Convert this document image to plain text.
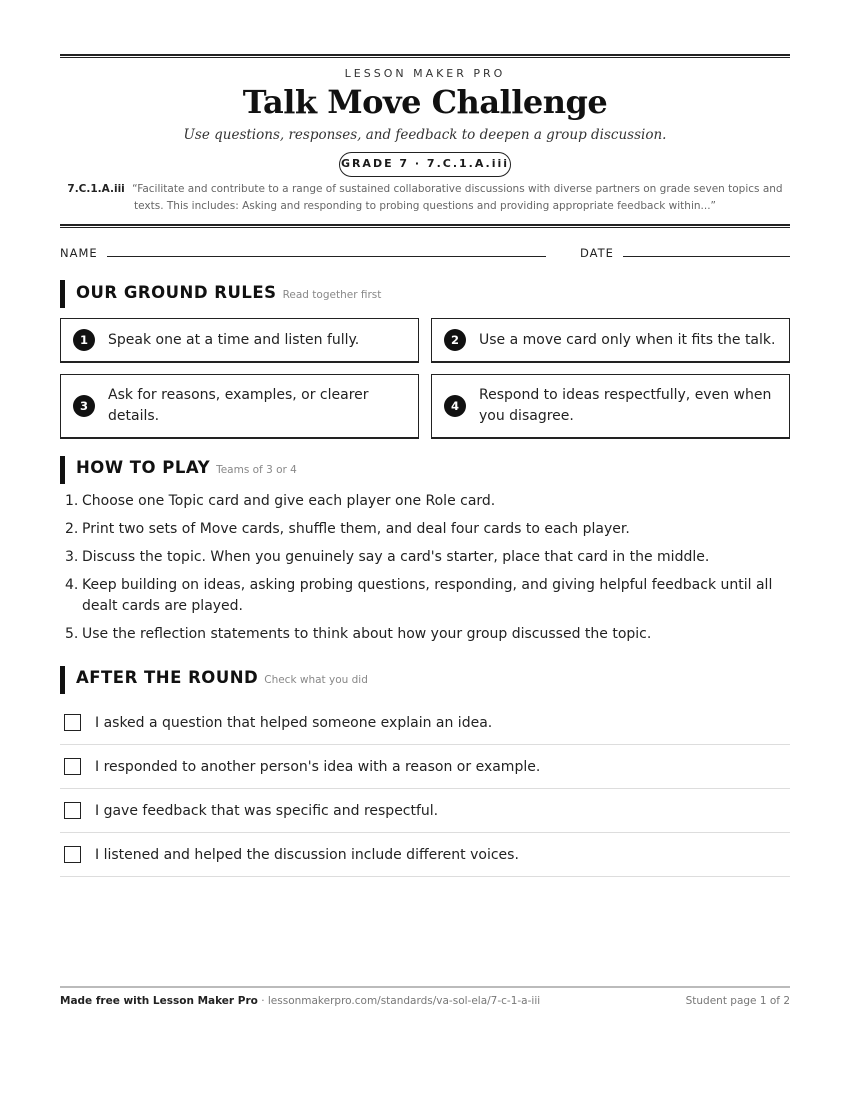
LESSON MAKER PRO
Talk Move Challenge
Use questions, responses, and feedback to deepen a group discussion.
GRADE 7 · 7.C.1.A.iii
7.C.1.A.iii “Facilitate and contribute to a range of sustained collaborative discussions with diverse partners on grade seven topics and texts. This includes: Asking and responding to probing questions and providing appropriate feedback within...”
NAME	DATE
OUR GROUND RULES Read together first
1	Speak one at a time and listen fully.	2	Use a move card only when it fits the talk.
3
Ask for reasons, examples, or clearer details.
4
Respond to ideas respectfully, even when you disagree.
HOW TO PLAY Teams of 3 or 4
1. Choose one Topic card and give each player one Role card.
2. Print two sets of Move cards, shuffle them, and deal four cards to each player.
3. Discuss the topic. When you genuinely say a card's starter, place that card in the middle.
4. Keep building on ideas, asking probing questions, responding, and giving helpful feedback until all dealt cards are played.
5. Use the reflection statements to think about how your group discussed the topic.
AFTER THE ROUND Check what you did
I asked a question that helped someone explain an idea.
I responded to another person's idea with a reason or example.
I gave feedback that was specific and respectful.
I listened and helped the discussion include different voices.
Made free with Lesson Maker Pro · lessonmakerpro.com/standards/va-sol-ela/7-c-1-a-iii	Student page 1 of 2
